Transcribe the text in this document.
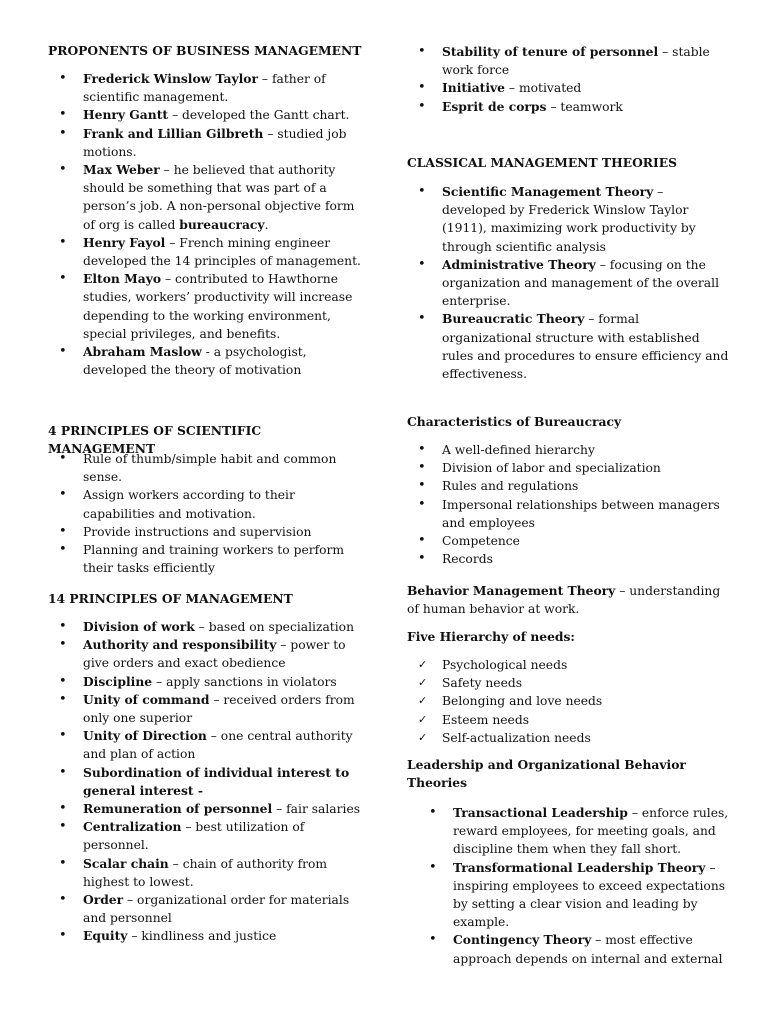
PROPONENTS OF BUSINESS MANAGEMENT

• Frederick Winslow Taylor – father of scientific management.
• Henry Gantt – developed the Gantt chart.
• Frank and Lillian Gilbreth – studied job motions.
• Max Weber – he believed that authority should be something that was part of a person’s job. A non-personal objective form of org is called bureaucracy.
• Henry Fayol – French mining engineer developed the 14 principles of management.
• Elton Mayo – contributed to Hawthorne studies, workers’ productivity will increase depending to the working environment, special privileges, and benefits.
• Abraham Maslow - a psychologist, developed the theory of motivation

4 PRINCIPLES OF SCIENTIFIC MANAGEMENT

• Rule of thumb/simple habit and common sense.
• Assign workers according to their capabilities and motivation.
• Provide instructions and supervision
• Planning and training workers to perform their tasks efficiently

14 PRINCIPLES OF MANAGEMENT

• Division of work – based on specialization
• Authority and responsibility – power to give orders and exact obedience
• Discipline – apply sanctions in violators
• Unity of command – received orders from only one superior
• Unity of Direction – one central authority and plan of action
• Subordination of individual interest to general interest -
• Remuneration of personnel – fair salaries
• Centralization – best utilization of personnel.
• Scalar chain – chain of authority from highest to lowest.
• Order – organizational order for materials and personnel
• Equity – kindliness and justice
• Stability of tenure of personnel – stable work force
• Initiative – motivated
• Esprit de corps – teamwork

CLASSICAL MANAGEMENT THEORIES

• Scientific Management Theory – developed by Frederick Winslow Taylor (1911), maximizing work productivity by through scientific analysis
• Administrative Theory – focusing on the organization and management of the overall enterprise.
• Bureaucratic Theory – formal organizational structure with established rules and procedures to ensure efficiency and effectiveness.

Characteristics of Bureaucracy

• A well-defined hierarchy
• Division of labor and specialization
• Rules and regulations
• Impersonal relationships between managers and employees
• Competence
• Records

Behavior Management Theory – understanding of human behavior at work.

Five Hierarchy of needs:

✓ Psychological needs
✓ Safety needs
✓ Belonging and love needs
✓ Esteem needs
✓ Self-actualization needs

Leadership and Organizational Behavior Theories

• Transactional Leadership – enforce rules, reward employees, for meeting goals, and discipline them when they fall short.
• Transformational Leadership Theory – inspiring employees to exceed expectations by setting a clear vision and leading by example.
• Contingency Theory – most effective approach depends on internal and external
